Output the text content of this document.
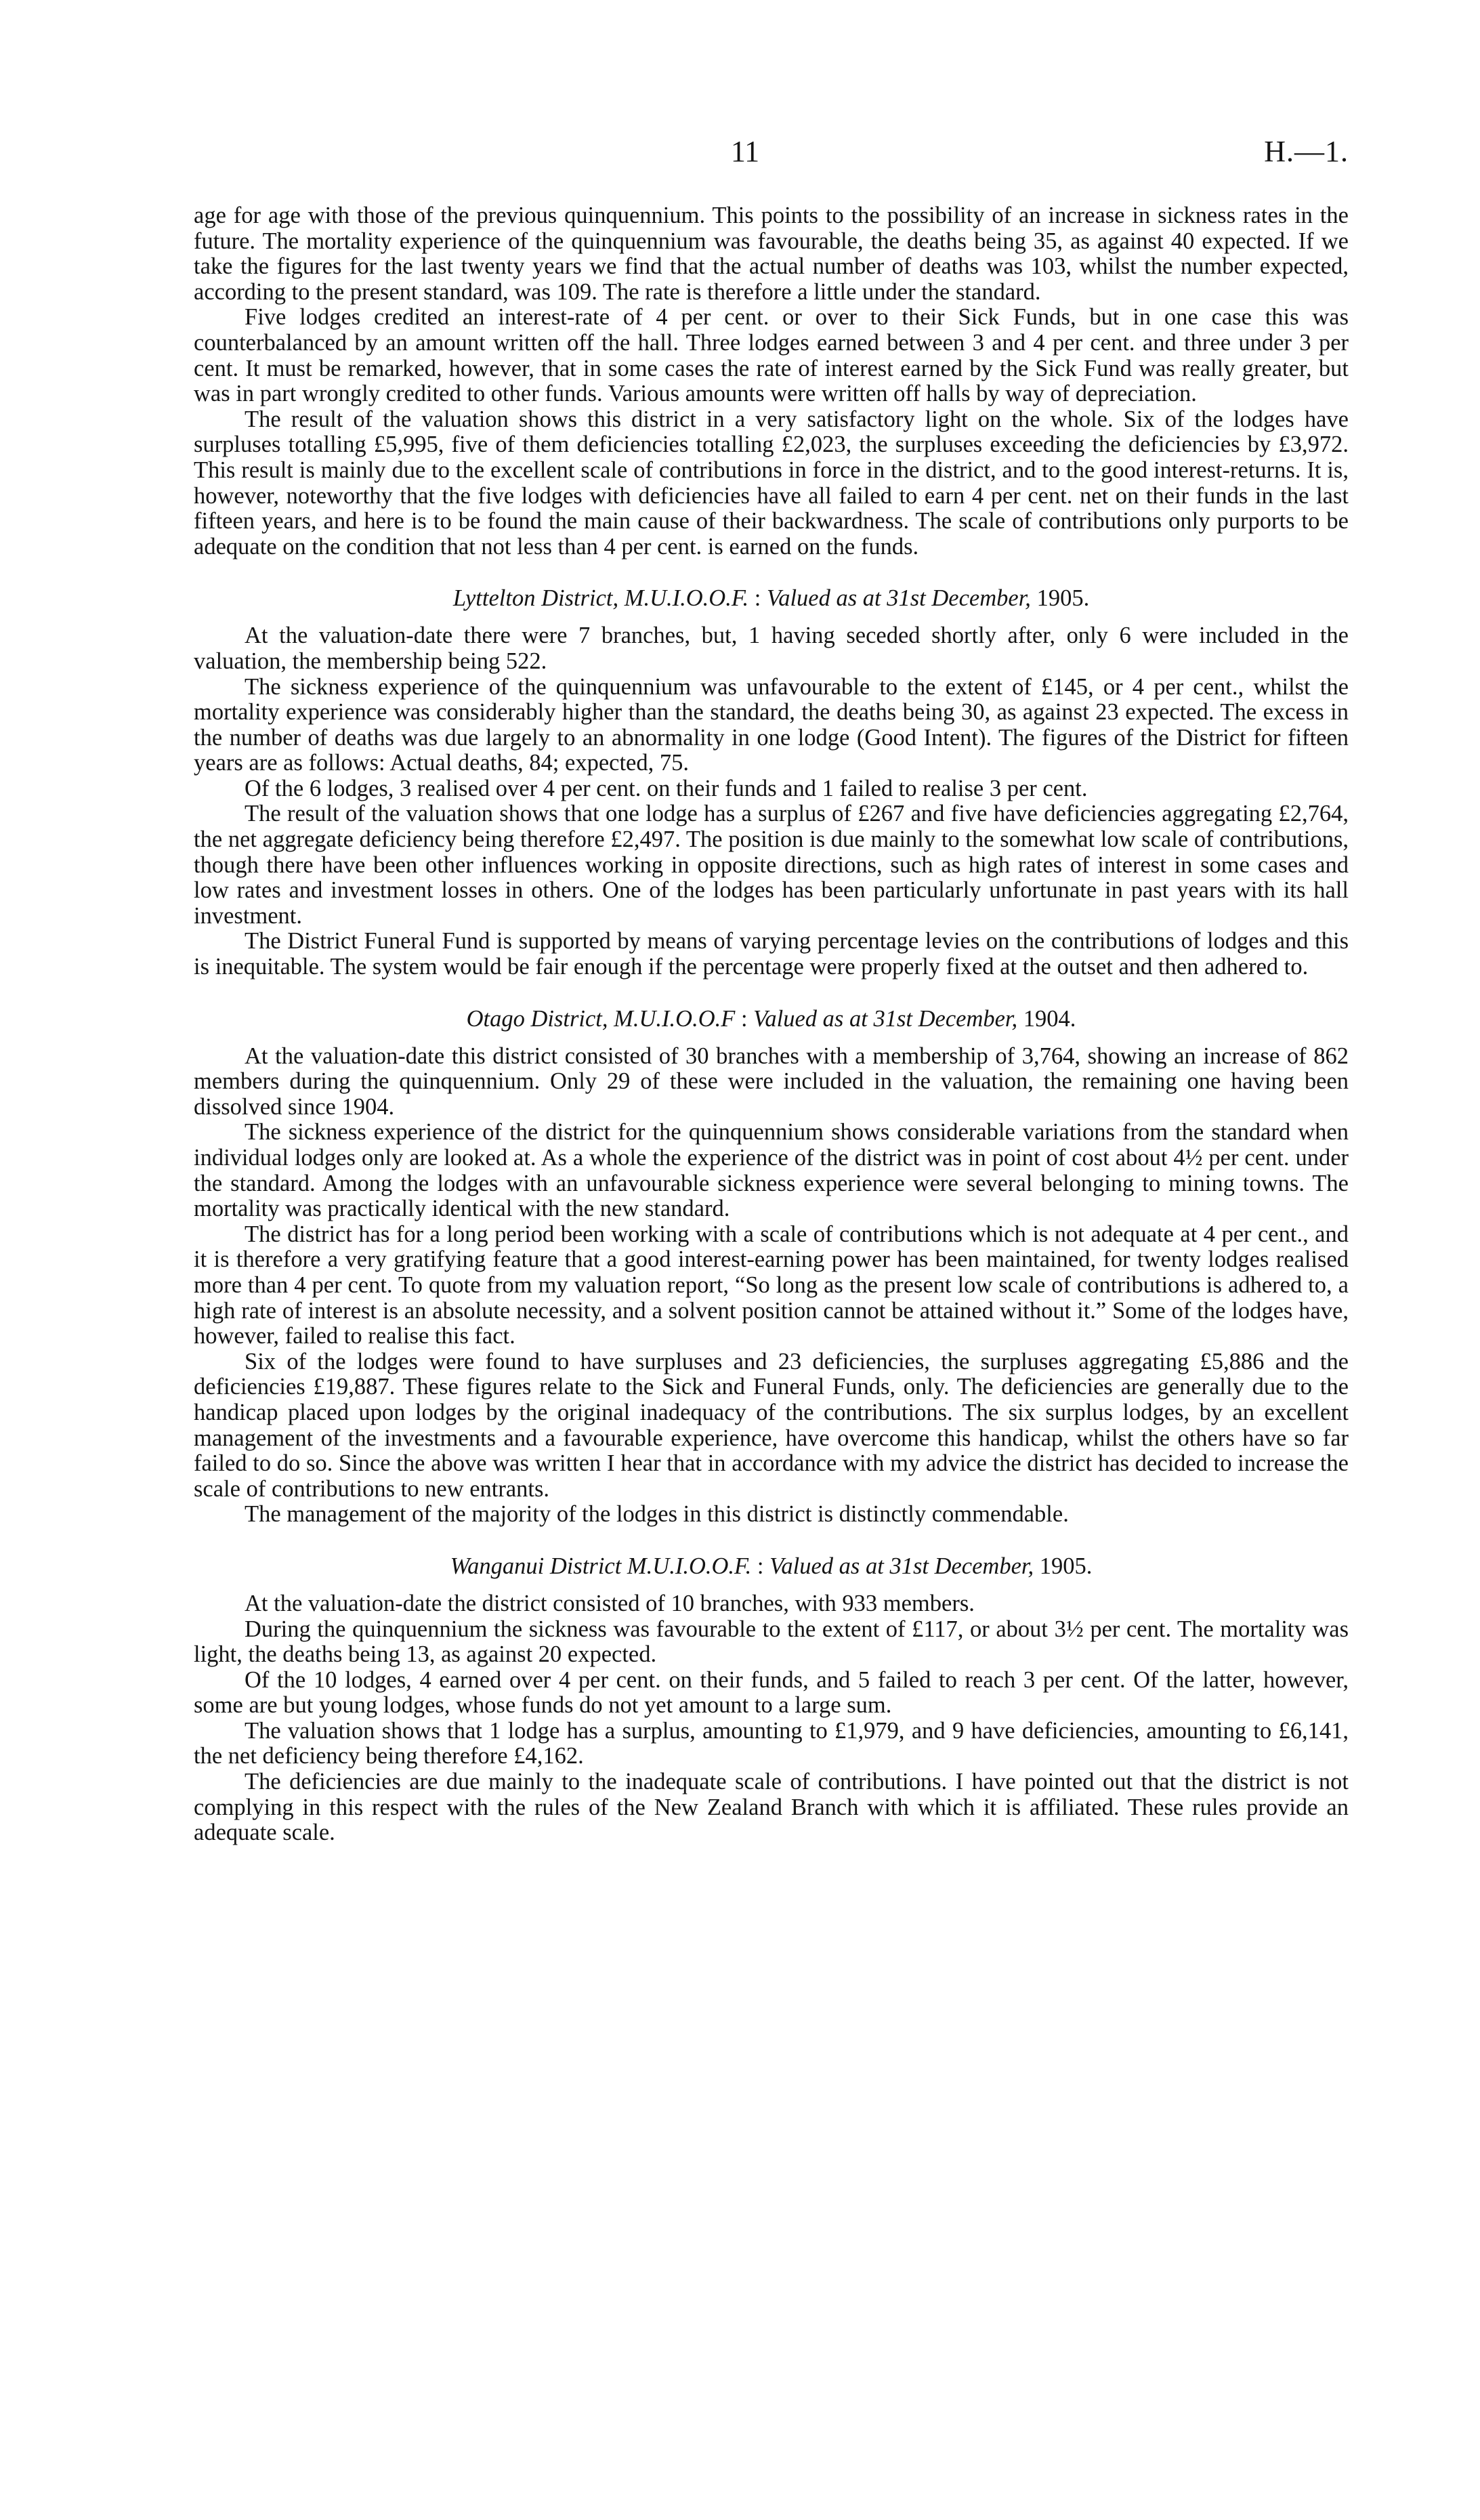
11	H.—1.

age for age with those of the previous quinquennium. This points to the possibility of an increase in sickness rates in the future. The mortality experience of the quinquennium was favourable, the deaths being 35, as against 40 expected. If we take the figures for the last twenty years we find that the actual number of deaths was 103, whilst the number expected, according to the present standard, was 109. The rate is therefore a little under the standard.

Five lodges credited an interest-rate of 4 per cent. or over to their Sick Funds, but in one case this was counterbalanced by an amount written off the hall. Three lodges earned between 3 and 4 per cent. and three under 3 per cent. It must be remarked, however, that in some cases the rate of interest earned by the Sick Fund was really greater, but was in part wrongly credited to other funds. Various amounts were written off halls by way of depreciation.

The result of the valuation shows this district in a very satisfactory light on the whole. Six of the lodges have surpluses totalling £5,995, five of them deficiencies totalling £2,023, the surpluses exceeding the deficiencies by £3,972. This result is mainly due to the excellent scale of contributions in force in the district, and to the good interest-returns. It is, however, noteworthy that the five lodges with deficiencies have all failed to earn 4 per cent. net on their funds in the last fifteen years, and here is to be found the main cause of their backwardness. The scale of contributions only purports to be adequate on the condition that not less than 4 per cent. is earned on the funds.

Lyttelton District, M.U.I.O.O.F. : Valued as at 31st December, 1905.

At the valuation-date there were 7 branches, but, 1 having seceded shortly after, only 6 were included in the valuation, the membership being 522.

The sickness experience of the quinquennium was unfavourable to the extent of £145, or 4 per cent., whilst the mortality experience was considerably higher than the standard, the deaths being 30, as against 23 expected. The excess in the number of deaths was due largely to an abnormality in one lodge (Good Intent). The figures of the District for fifteen years are as follows: Actual deaths, 84; expected, 75.

Of the 6 lodges, 3 realised over 4 per cent. on their funds and 1 failed to realise 3 per cent.

The result of the valuation shows that one lodge has a surplus of £267 and five have deficiencies aggregating £2,764, the net aggregate deficiency being therefore £2,497. The position is due mainly to the somewhat low scale of contributions, though there have been other influences working in opposite directions, such as high rates of interest in some cases and low rates and investment losses in others. One of the lodges has been particularly unfortunate in past years with its hall investment.

The District Funeral Fund is supported by means of varying percentage levies on the contributions of lodges and this is inequitable. The system would be fair enough if the percentage were properly fixed at the outset and then adhered to.

Otago District, M.U.I.O.O.F : Valued as at 31st December, 1904.

At the valuation-date this district consisted of 30 branches with a membership of 3,764, showing an increase of 862 members during the quinquennium. Only 29 of these were included in the valuation, the remaining one having been dissolved since 1904.

The sickness experience of the district for the quinquennium shows considerable variations from the standard when individual lodges only are looked at. As a whole the experience of the district was in point of cost about 4½ per cent. under the standard. Among the lodges with an unfavourable sickness experience were several belonging to mining towns. The mortality was practically identical with the new standard.

The district has for a long period been working with a scale of contributions which is not adequate at 4 per cent., and it is therefore a very gratifying feature that a good interest-earning power has been maintained, for twenty lodges realised more than 4 per cent. To quote from my valuation report, “So long as the present low scale of contributions is adhered to, a high rate of interest is an absolute necessity, and a solvent position cannot be attained without it.” Some of the lodges have, however, failed to realise this fact.

Six of the lodges were found to have surpluses and 23 deficiencies, the surpluses aggregating £5,886 and the deficiencies £19,887. These figures relate to the Sick and Funeral Funds, only. The deficiencies are generally due to the handicap placed upon lodges by the original inadequacy of the contributions. The six surplus lodges, by an excellent management of the investments and a favourable experience, have overcome this handicap, whilst the others have so far failed to do so. Since the above was written I hear that in accordance with my advice the district has decided to increase the scale of contributions to new entrants.

The management of the majority of the lodges in this district is distinctly commendable.

Wanganui District M.U.I.O.O.F. : Valued as at 31st December, 1905.

At the valuation-date the district consisted of 10 branches, with 933 members.

During the quinquennium the sickness was favourable to the extent of £117, or about 3½ per cent. The mortality was light, the deaths being 13, as against 20 expected.

Of the 10 lodges, 4 earned over 4 per cent. on their funds, and 5 failed to reach 3 per cent. Of the latter, however, some are but young lodges, whose funds do not yet amount to a large sum.

The valuation shows that 1 lodge has a surplus, amounting to £1,979, and 9 have deficiencies, amounting to £6,141, the net deficiency being therefore £4,162.

The deficiencies are due mainly to the inadequate scale of contributions. I have pointed out that the district is not complying in this respect with the rules of the New Zealand Branch with which it is affiliated. These rules provide an adequate scale.
